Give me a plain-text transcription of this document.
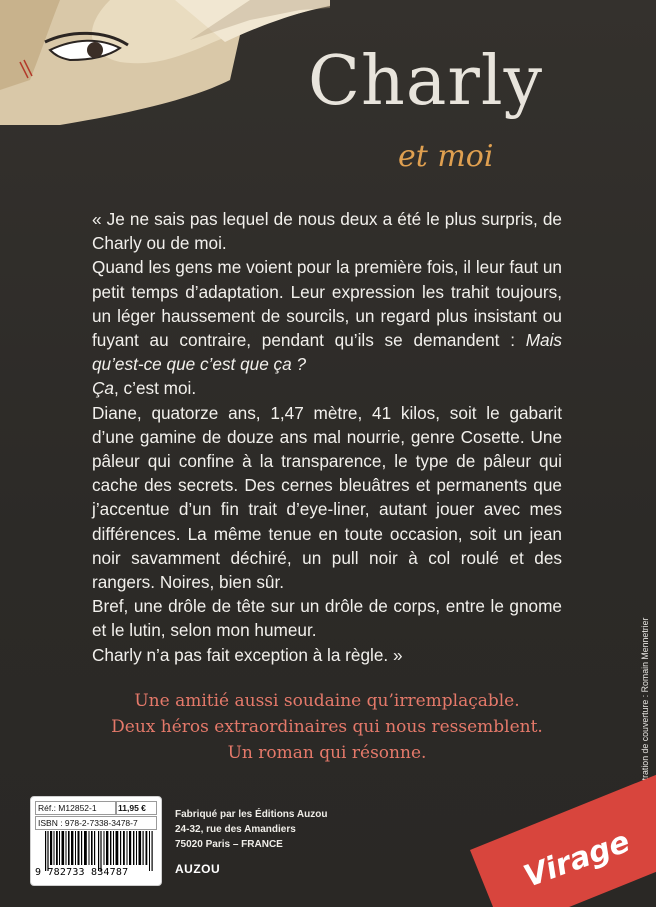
Charly
et moi

« Je ne sais pas lequel de nous deux a été le plus surpris, de Charly ou de moi.

Quand les gens me voient pour la première fois, il leur faut un petit temps d’adaptation. Leur expression les trahit toujours, un léger haussement de sourcils, un regard plus insistant ou fuyant au contraire, pendant qu’ils se demandent : Mais qu’est-ce que c’est que ça ?

Ça, c’est moi.

Diane, quatorze ans, 1,47 mètre, 41 kilos, soit le gabarit d’une gamine de douze ans mal nourrie, genre Cosette. Une pâleur qui confine à la transparence, le type de pâleur qui cache des secrets. Des cernes bleuâtres et permanents que j’accentue d’un fin trait d’eye-liner, autant jouer avec mes différences. La même tenue en toute occasion, soit un jean noir savamment déchiré, un pull noir à col roulé et des rangers. Noires, bien sûr.

Bref, une drôle de tête sur un drôle de corps, entre le gnome et le lutin, selon mon humeur.

Charly n’a pas fait exception à la règle. »

Une amitié aussi soudaine qu’irremplaçable.
Deux héros extraordinaires qui nous ressemblent.
Un roman qui résonne.	Illustration de couverture : Romain Mennetrier
Réf.: M12852-1	11,95 €
ISBN : 978-2-7338-3478-7
9 782733 834787
Fabriqué par les Éditions Auzou
24-32, rue des Amandiers
75020 Paris – FRANCE
AUZOU	Virage
